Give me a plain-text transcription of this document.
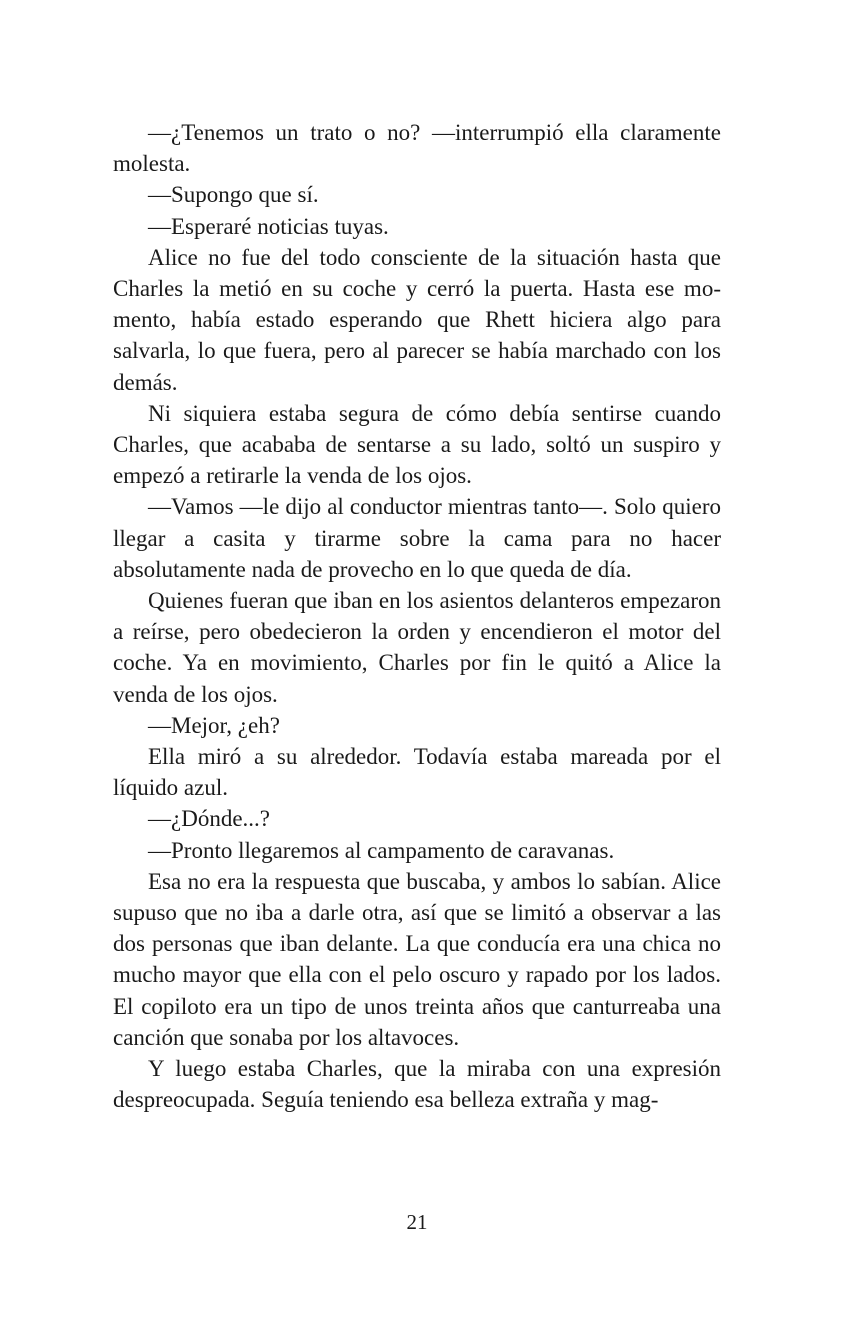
—¿Tenemos un trato o no? —interrumpió ella claramente molesta.

—Supongo que sí.

—Esperaré noticias tuyas.

Alice no fue del todo consciente de la situación hasta que Charles la metió en su coche y cerró la puerta. Hasta ese momento, había estado esperando que Rhett hiciera algo para salvarla, lo que fuera, pero al parecer se había marchado con los demás.

Ni siquiera estaba segura de cómo debía sentirse cuando Charles, que acababa de sentarse a su lado, soltó un suspiro y empezó a retirarle la venda de los ojos.

—Vamos —le dijo al conductor mientras tanto—. Solo quiero llegar a casita y tirarme sobre la cama para no hacer absolutamente nada de provecho en lo que queda de día.

Quienes fueran que iban en los asientos delanteros empezaron a reírse, pero obedecieron la orden y encendieron el motor del coche. Ya en movimiento, Charles por fin le quitó a Alice la venda de los ojos.

—Mejor, ¿eh?

Ella miró a su alrededor. Todavía estaba mareada por el líquido azul.

—¿Dónde...?

—Pronto llegaremos al campamento de caravanas.

Esa no era la respuesta que buscaba, y ambos lo sabían. Alice supuso que no iba a darle otra, así que se limitó a observar a las dos personas que iban delante. La que conducía era una chica no mucho mayor que ella con el pelo oscuro y rapado por los lados. El copiloto era un tipo de unos treinta años que canturreaba una canción que sonaba por los altavoces.

Y luego estaba Charles, que la miraba con una expresión despreocupada. Seguía teniendo esa belleza extraña y mag-

21
